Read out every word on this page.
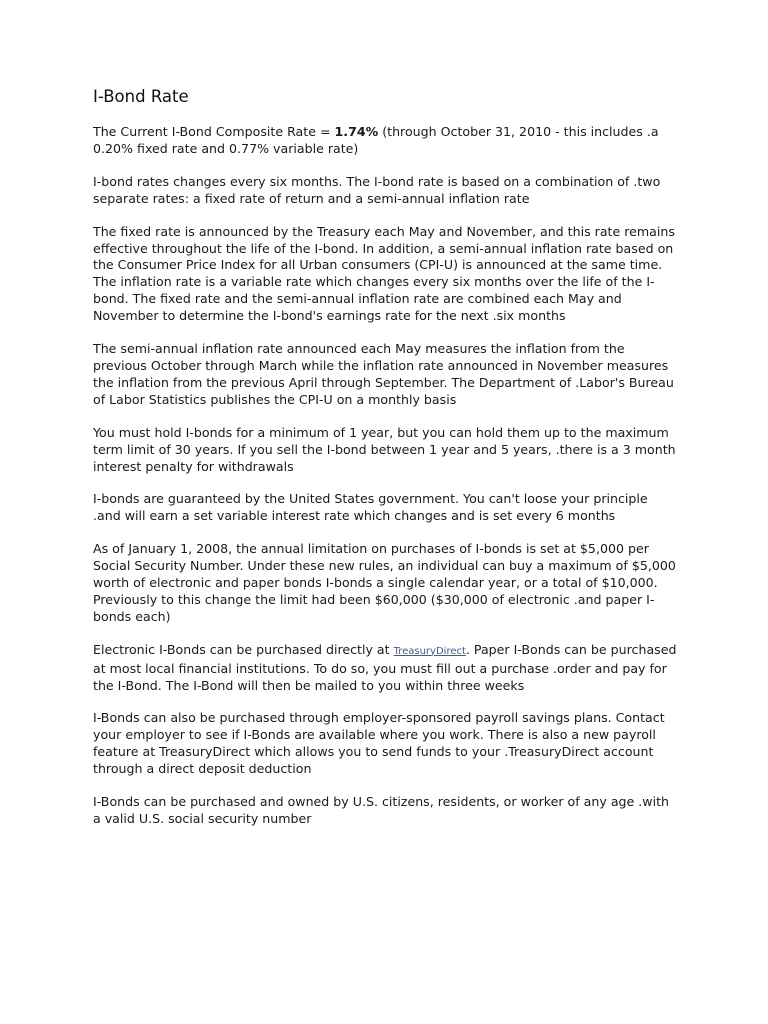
I-Bond Rate

The Current I-Bond Composite Rate = 1.74% (through October 31, 2010 - this includes .a 0.20% fixed rate and 0.77% variable rate)

I-bond rates changes every six months. The I-bond rate is based on a combination of .two separate rates: a fixed rate of return and a semi-annual inflation rate

The fixed rate is announced by the Treasury each May and November, and this rate remains effective throughout the life of the I-bond. In addition, a semi-annual inflation rate based on the Consumer Price Index for all Urban consumers (CPI-U) is announced at the same time. The inflation rate is a variable rate which changes every six months over the life of the I-bond. The fixed rate and the semi-annual inflation rate are combined each May and November to determine the I-bond's earnings rate for the next .six months

The semi-annual inflation rate announced each May measures the inflation from the previous October through March while the inflation rate announced in November measures the inflation from the previous April through September. The Department of .Labor's Bureau of Labor Statistics publishes the CPI-U on a monthly basis

You must hold I-bonds for a minimum of 1 year, but you can hold them up to the maximum term limit of 30 years. If you sell the I-bond between 1 year and 5 years, .there is a 3 month interest penalty for withdrawals

I-bonds are guaranteed by the United States government. You can't loose your principle .and will earn a set variable interest rate which changes and is set every 6 months

As of January 1, 2008, the annual limitation on purchases of I-bonds is set at $5,000 per Social Security Number. Under these new rules, an individual can buy a maximum of $5,000 worth of electronic and paper bonds I-bonds a single calendar year, or a total of $10,000. Previously to this change the limit had been $60,000 ($30,000 of electronic .and paper I-bonds each)

Electronic I-Bonds can be purchased directly at TreasuryDirect. Paper I-Bonds can be purchased at most local financial institutions. To do so, you must fill out a purchase .order and pay for the I-Bond. The I-Bond will then be mailed to you within three weeks

I-Bonds can also be purchased through employer-sponsored payroll savings plans. Contact your employer to see if I-Bonds are available where you work. There is also a new payroll feature at TreasuryDirect which allows you to send funds to your .TreasuryDirect account through a direct deposit deduction

I-Bonds can be purchased and owned by U.S. citizens, residents, or worker of any age .with a valid U.S. social security number
